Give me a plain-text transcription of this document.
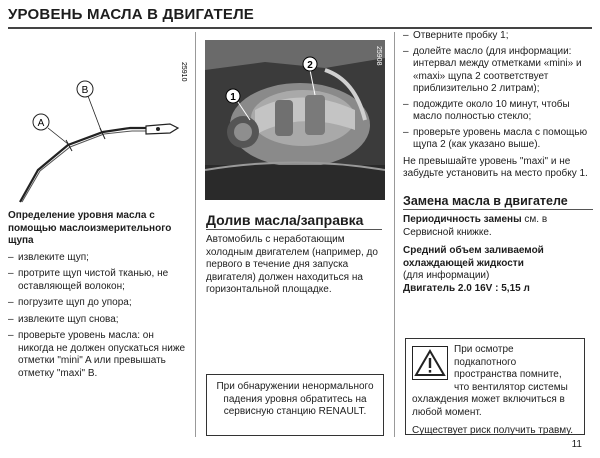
УРОВЕНЬ МАСЛА В ДВИГАТЕЛЕ
A
B
25910
Определение уровня масла с помощью маслоизмерительного щупа
– извлеките щуп;
– протрите щуп чистой тканью, не оставляющей волокон;
– погрузите щуп до упора;
– извлеките щуп снова;
– проверьте уровень масла: он никогда не должен опускаться ниже отметки "mini" A или превышать отметку "maxi" B.
1
2
25908
Долив масла/заправка
Автомобиль с неработающим холодным двигателем (например, до первого в течение дня запуска двигателя) должен находиться на горизонтальной площадке.
При обнаружении ненормального падения уровня обратитесь на сервисную станцию RENAULT.
– Отверните пробку 1;
– долейте масло (для информации: интервал между отметками «mini» и «maxi» щупа 2 соответствует приблизительно 2 литрам);
– подождите около 10 минут, чтобы масло полностью стекло;
– проверьте уровень масла с помощью щупа 2 (как указано выше).
Не превышайте уровень "maxi" и не забудьте установить на место пробку 1.
Замена масла в двигателе
Периодичность замены см. в Сервисной книжке.
Средний объем заливаемой охлаждающей жидкости
(для информации)
Двигатель 2.0 16V : 5,15 л
При осмотре подкапотного пространства помните, что вентилятор системы охлаждения может включиться в любой момент.
Существует риск получить травму.
11
